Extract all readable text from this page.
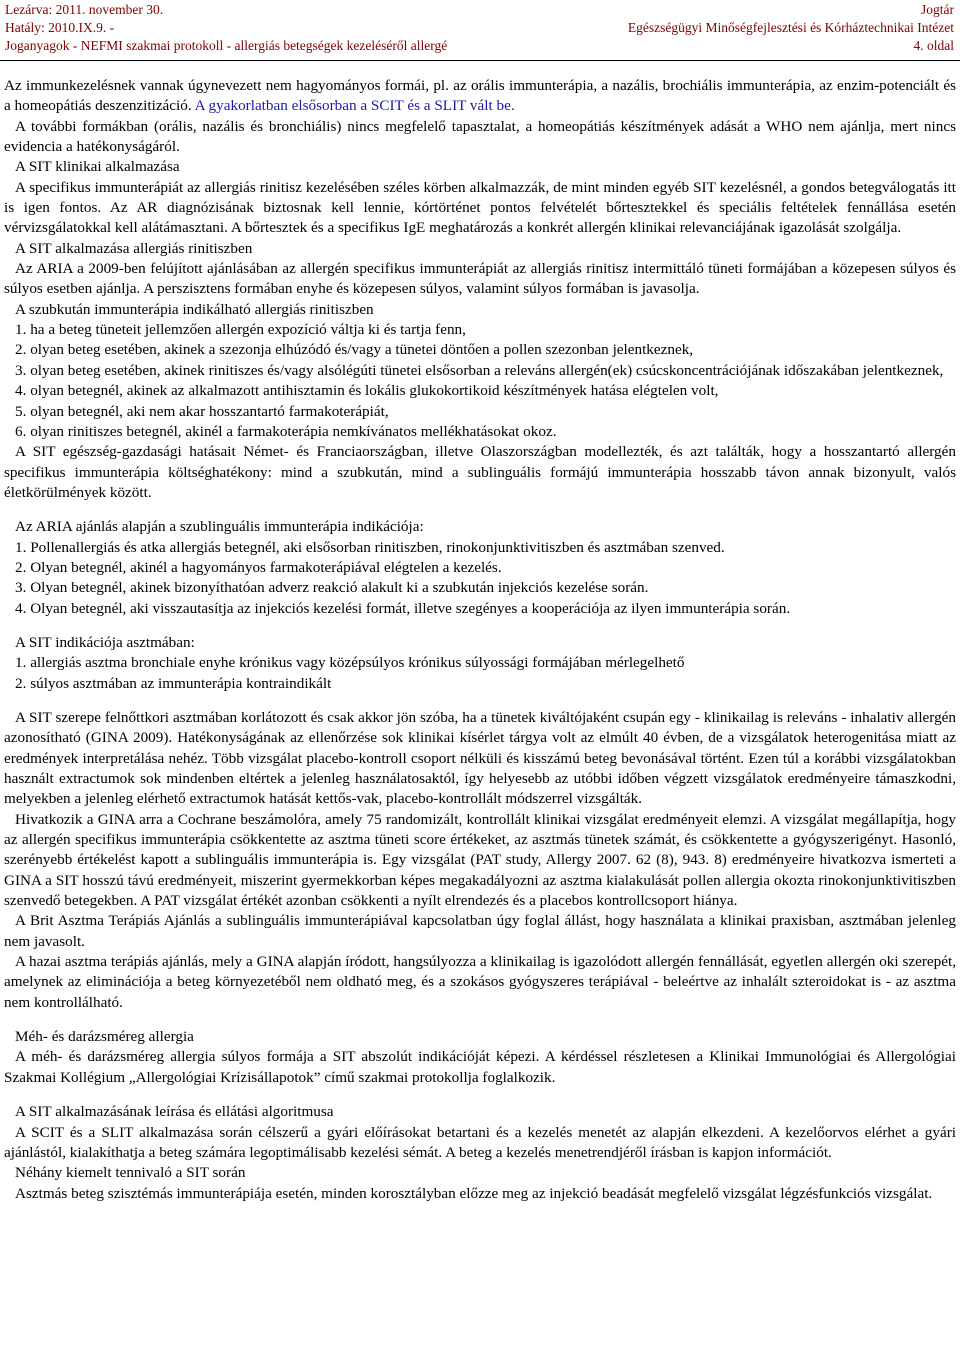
Lezárva: 2011. november 30.
Hatály: 2010.IX.9. -
Joganyagok - NEFMI szakmai protokoll - allergiás betegségek kezeléséről allergé
Jogtár
Egészségügyi Minőségfejlesztési és Kórháztechnikai Intézet
4. oldal

Az immunkezelésnek vannak úgynevezett nem hagyományos formái, pl. az orális immunterápia, a nazális, brochiális immunterápia, az enzim-potenciált és a homeopátiás deszenzitizáció. A gyakorlatban elsősorban a SCIT és a SLIT vált be.

A további formákban (orális, nazális és bronchiális) nincs megfelelő tapasztalat, a homeopátiás készítmények adását a WHO nem ajánlja, mert nincs evidencia a hatékonyságáról.

A SIT klinikai alkalmazása

A specifikus immunterápiát az allergiás rinitisz kezelésében széles körben alkalmazzák, de mint minden egyéb SIT kezelésnél, a gondos betegválogatás itt is igen fontos. Az AR diagnózisának biztosnak kell lennie, kórtörténet pontos felvételét bőrtesztekkel és speciális feltételek fennállása esetén vérvizsgálatokkal kell alátámasztani. A bőrtesztek és a specifikus IgE meghatározás a konkrét allergén klinikai relevanciájának igazolását szolgálja.

A SIT alkalmazása allergiás rinitiszben

Az ARIA a 2009-ben felújított ajánlásában az allergén specifikus immunterápiát az allergiás rinitisz intermittáló tüneti formájában a közepesen súlyos és súlyos esetben ajánlja. A perszisztens formában enyhe és közepesen súlyos, valamint súlyos formában is javasolja.

A szubkután immunterápia indikálható allergiás rinitiszben

1. ha a beteg tüneteit jellemzően allergén expozíció váltja ki és tartja fenn,

2. olyan beteg esetében, akinek a szezonja elhúzódó és/vagy a tünetei döntően a pollen szezonban jelentkeznek,

3. olyan beteg esetében, akinek rinitiszes és/vagy alsólégúti tünetei elsősorban a releváns allergén(ek) csúcskoncentrációjának időszakában jelentkeznek,

4. olyan betegnél, akinek az alkalmazott antihisztamin és lokális glukokortikoid készítmények hatása elégtelen volt,

5. olyan betegnél, aki nem akar hosszantartó farmakoterápiát,

6. olyan rinitiszes betegnél, akinél a farmakoterápia nemkívánatos mellékhatásokat okoz.

A SIT egészség-gazdasági hatásait Német- és Franciaországban, illetve Olaszországban modellezték, és azt találták, hogy a hosszantartó allergén specifikus immunterápia költséghatékony: mind a szubkután, mind a sublinguális formájú immunterápia hosszabb távon annak bizonyult, valós életkörülmények között.

Az ARIA ajánlás alapján a szublinguális immunterápia indikációja:

1. Pollenallergiás és atka allergiás betegnél, aki elsősorban rinitiszben, rinokonjunktivitiszben és asztmában szenved.

2. Olyan betegnél, akinél a hagyományos farmakoterápiával elégtelen a kezelés.

3. Olyan betegnél, akinek bizonyíthatóan adverz reakció alakult ki a szubkután injekciós kezelése során.

4. Olyan betegnél, aki visszautasítja az injekciós kezelési formát, illetve szegényes a kooperációja az ilyen immunterápia során.

A SIT indikációja asztmában:

1. allergiás asztma bronchiale enyhe krónikus vagy középsúlyos krónikus súlyossági formájában mérlegelhető

2. súlyos asztmában az immunterápia kontraindikált

A SIT szerepe felnőttkori asztmában korlátozott és csak akkor jön szóba, ha a tünetek kiváltójaként csupán egy - klinikailag is releváns - inhalativ allergén azonosítható (GINA 2009). Hatékonyságának az ellenőrzése sok klinikai kísérlet tárgya volt az elmúlt 40 évben, de a vizsgálatok heterogenitása miatt az eredmények interpretálása nehéz. Több vizsgálat placebo-kontroll csoport nélküli és kisszámú beteg bevonásával történt. Ezen túl a korábbi vizsgálatokban használt extractumok sok mindenben eltértek a jelenleg használatosaktól, így helyesebb az utóbbi időben végzett vizsgálatok eredményeire támaszkodni, melyekben a jelenleg elérhető extractumok hatását kettős-vak, placebo-kontrollált módszerrel vizsgálták.

Hivatkozik a GINA arra a Cochrane beszámolóra, amely 75 randomizált, kontrollált klinikai vizsgálat eredményeit elemzi. A vizsgálat megállapítja, hogy az allergén specifikus immunterápia csökkentette az asztma tüneti score értékeket, az asztmás tünetek számát, és csökkentette a gyógyszerigényt. Hasonló, szerényebb értékelést kapott a sublinguális immunterápia is. Egy vizsgálat (PAT study, Allergy 2007. 62 (8), 943. 8) eredményeire hivatkozva ismerteti a GINA a SIT hosszú távú eredményeit, miszerint gyermekkorban képes megakadályozni az asztma kialakulását pollen allergia okozta rinokonjunktivitiszben szenvedő betegekben. A PAT vizsgálat értékét azonban csökkenti a nyílt elrendezés és a placebos kontrollcsoport hiánya.

A Brit Asztma Terápiás Ajánlás a sublinguális immunterápiával kapcsolatban úgy foglal állást, hogy használata a klinikai praxisban, asztmában jelenleg nem javasolt.

A hazai asztma terápiás ajánlás, mely a GINA alapján íródott, hangsúlyozza a klinikailag is igazolódott allergén fennállását, egyetlen allergén oki szerepét, amelynek az eliminációja a beteg környezetéből nem oldható meg, és a szokásos gyógyszeres terápiával - beleértve az inhalált szteroidokat is - az asztma nem kontrollálható.

Méh- és darázsméreg allergia

A méh- és darázsméreg allergia súlyos formája a SIT abszolút indikációját képezi. A kérdéssel részletesen a Klinikai Immunológiai és Allergológiai Szakmai Kollégium „Allergológiai Krízisállapotok” című szakmai protokollja foglalkozik.

A SIT alkalmazásának leírása és ellátási algoritmusa

A SCIT és a SLIT alkalmazása során célszerű a gyári előírásokat betartani és a kezelés menetét az alapján elkezdeni. A kezelőorvos elérhet a gyári ajánlástól, kialakíthatja a beteg számára legoptimálisabb kezelési sémát. A beteg a kezelés menetrendjéről írásban is kapjon információt.

Néhány kiemelt tennivaló a SIT során

Asztmás beteg szisztémás immunterápiája esetén, minden korosztályban előzze meg az injekció beadását megfelelő vizsgálat légzésfunkciós vizsgálat.
